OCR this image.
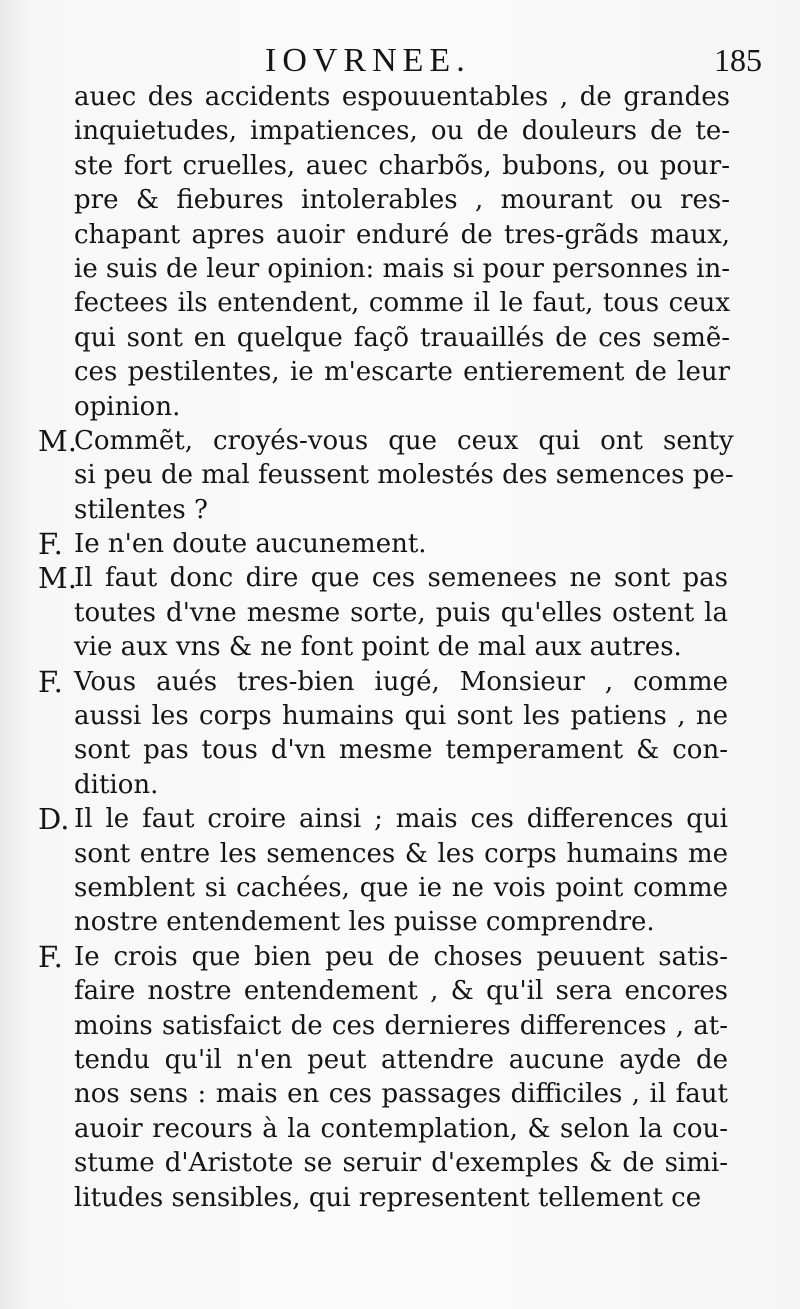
IOVRNEE.	185
auec des accidents espouuentables , de grandes
inquietudes, impatiences, ou de douleurs de te-
ste fort cruelles, auec charbõs, bubons, ou pour-
pre & fiebures intolerables , mourant ou res-
chapant apres auoir enduré de tres-grãds maux,
ie suis de leur opinion: mais si pour personnes in-
fectees ils entendent, comme il le faut, tous ceux
qui sont en quelque façõ trauaillés de ces semẽ-
ces pestilentes, ie m'escarte entierement de leur
opinion.
M.
Commẽt, croyés-vous que ceux qui ont senty
si peu de mal feussent molestés des semences pe-
stilentes ?
F. Ie n'en doute aucunement.
M.
Il faut donc dire que ces semenees ne sont pas
toutes d'vne mesme sorte, puis qu'elles ostent la
vie aux vns & ne font point de mal aux autres.
F. Vous aués tres-bien iugé, Monsieur , comme
aussi les corps humains qui sont les patiens , ne
sont pas tous d'vn mesme temperament & con-
dition.
D. Il le faut croire ainsi ; mais ces differences qui
sont entre les semences & les corps humains me
semblent si cachées, que ie ne vois point comme
nostre entendement les puisse comprendre.
F. Ie crois que bien peu de choses peuuent satis-
faire nostre entendement , & qu'il sera encores
moins satisfaict de ces dernieres differences , at-
tendu qu'il n'en peut attendre aucune ayde de
nos sens : mais en ces passages difficiles , il faut
auoir recours à la contemplation, & selon la cou-
stume d'Aristote se seruir d'exemples & de simi-
litudes sensibles, qui representent tellement ce
